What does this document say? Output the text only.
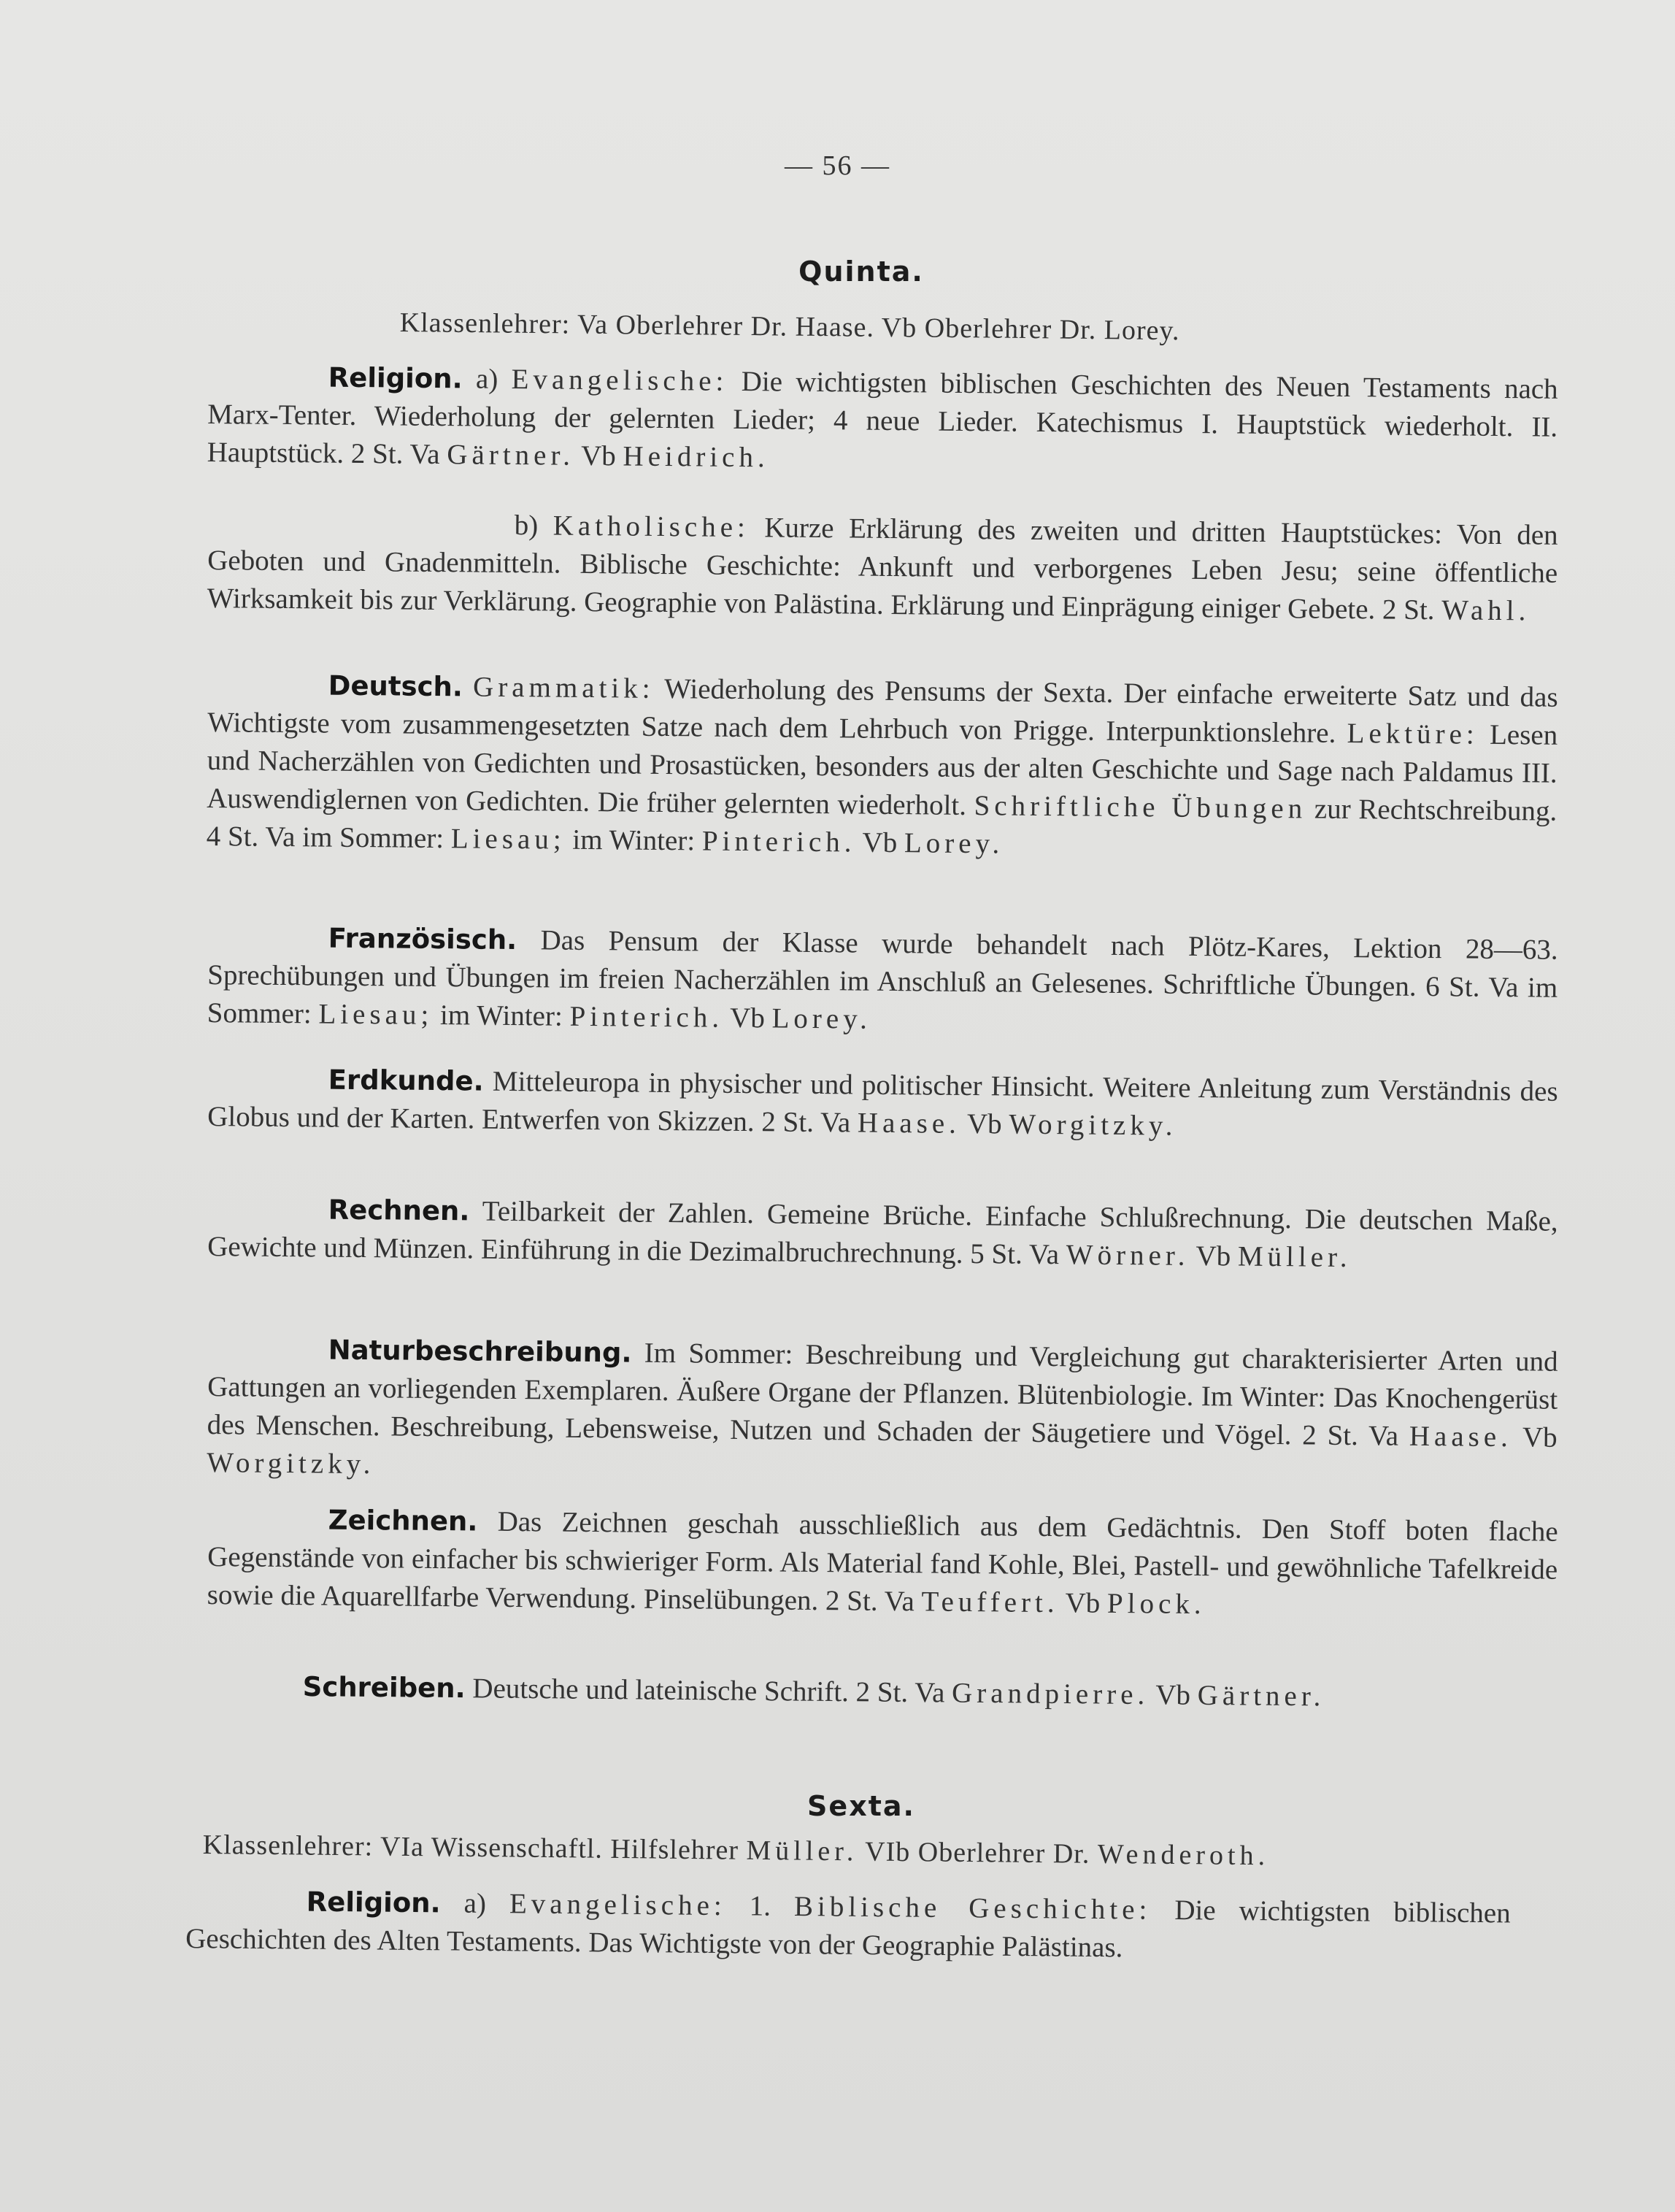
— 56 —
Quinta.
Klassenlehrer: Va Oberlehrer Dr. Haase. Vb Oberlehrer Dr. Lorey.
Religion. a) Evangelische: Die wichtigsten biblischen Geschichten des Neuen Testaments nach Marx-Tenter. Wiederholung der gelernten Lieder; 4 neue Lieder. Katechismus I. Hauptstück wiederholt. II. Hauptstück. 2 St. Va Gärtner. Vb Heidrich.
b) Katholische: Kurze Erklärung des zweiten und dritten Hauptstückes: Von den Geboten und Gnadenmitteln. Biblische Geschichte: Ankunft und verborgenes Leben Jesu; seine öffentliche Wirksamkeit bis zur Verklärung. Geographie von Palästina. Erklärung und Einprägung einiger Gebete. 2 St. Wahl.
Deutsch. Grammatik: Wiederholung des Pensums der Sexta. Der einfache erweiterte Satz und das Wichtigste vom zusammengesetzten Satze nach dem Lehrbuch von Prigge. Interpunktionslehre. Lektüre: Lesen und Nacherzählen von Gedichten und Prosastücken, besonders aus der alten Geschichte und Sage nach Paldamus III. Auswendiglernen von Gedichten. Die früher gelernten wiederholt. Schriftliche Übungen zur Rechtschreibung. 4 St. Va im Sommer: Liesau; im Winter: Pinterich. Vb Lorey.
Französisch. Das Pensum der Klasse wurde behandelt nach Plötz-Kares, Lektion 28—63. Sprechübungen und Übungen im freien Nacherzählen im Anschluß an Gelesenes. Schriftliche Übungen. 6 St. Va im Sommer: Liesau; im Winter: Pinterich. Vb Lorey.
Erdkunde. Mitteleuropa in physischer und politischer Hinsicht. Weitere Anleitung zum Verständnis des Globus und der Karten. Entwerfen von Skizzen. 2 St. Va Haase. Vb Worgitzky.
Rechnen. Teilbarkeit der Zahlen. Gemeine Brüche. Einfache Schlußrechnung. Die deutschen Maße, Gewichte und Münzen. Einführung in die Dezimalbruchrechnung. 5 St. Va Wörner. Vb Müller.
Naturbeschreibung. Im Sommer: Beschreibung und Vergleichung gut charakterisierter Arten und Gattungen an vorliegenden Exemplaren. Äußere Organe der Pflanzen. Blütenbiologie. Im Winter: Das Knochengerüst des Menschen. Beschreibung, Lebensweise, Nutzen und Schaden der Säugetiere und Vögel. 2 St. Va Haase. Vb Worgitzky.
Zeichnen. Das Zeichnen geschah ausschließlich aus dem Gedächtnis. Den Stoff boten flache Gegenstände von einfacher bis schwieriger Form. Als Material fand Kohle, Blei, Pastell- und gewöhnliche Tafelkreide sowie die Aquarellfarbe Verwendung. Pinselübungen. 2 St. Va Teuffert. Vb Plock.
Schreiben. Deutsche und lateinische Schrift. 2 St. Va Grandpierre. Vb Gärtner.
Sexta.
Klassenlehrer: VIa Wissenschaftl. Hilfslehrer Müller. VIb Oberlehrer Dr. Wenderoth.
Religion. a) Evangelische: 1. Biblische Geschichte: Die wichtigsten biblischen Geschichten des Alten Testaments. Das Wichtigste von der Geographie Palästinas.
